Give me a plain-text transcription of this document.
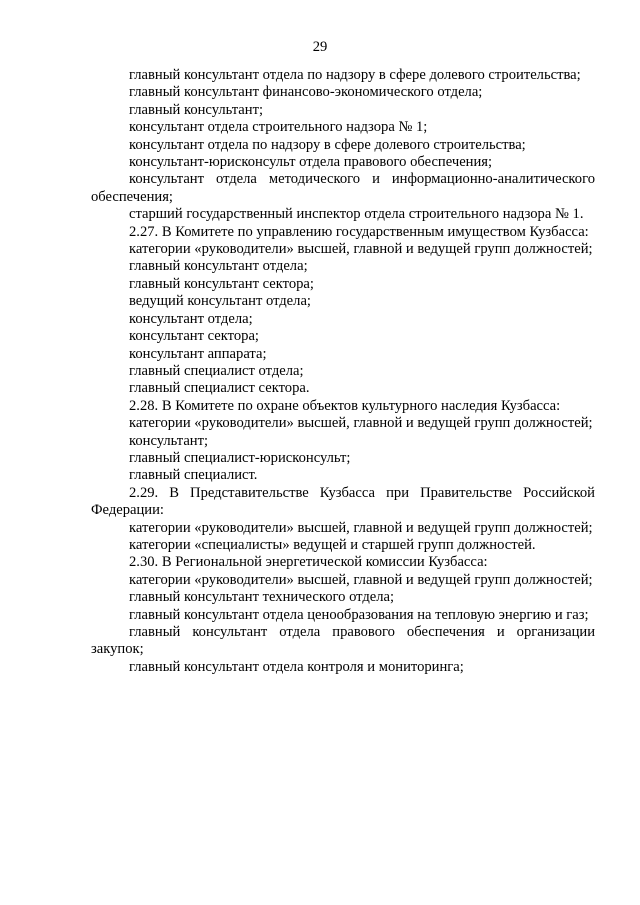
29

главный консультант отдела по надзору в сфере долевого строительства;

главный консультант финансово-экономического отдела;

главный консультант;

консультант отдела строительного надзора № 1;

консультант отдела по надзору в сфере долевого строительства;

консультант-юрисконсульт отдела правового обеспечения;

консультант отдела методического и информационно-аналитического обеспечения;

старший государственный инспектор отдела строительного надзора № 1.

2.27. В Комитете по управлению государственным имуществом Кузбасса:

категории «руководители» высшей, главной и ведущей групп должностей;

главный консультант отдела;

главный консультант сектора;

ведущий консультант отдела;

консультант отдела;

консультант сектора;

консультант аппарата;

главный специалист отдела;

главный специалист сектора.

2.28. В Комитете по охране объектов культурного наследия Кузбасса:

категории «руководители» высшей, главной и ведущей групп должностей;

консультант;

главный специалист-юрисконсульт;

главный специалист.

2.29. В Представительстве Кузбасса при Правительстве Российской Федерации:

категории «руководители» высшей, главной и ведущей групп должностей;

категории «специалисты» ведущей и старшей групп должностей.

2.30. В Региональной энергетической комиссии Кузбасса:

категории «руководители» высшей, главной и ведущей групп должностей;

главный консультант технического отдела;

главный консультант отдела ценообразования на тепловую энергию и газ;

главный консультант отдела правового обеспечения и организации закупок;

главный консультант отдела контроля и мониторинга;
